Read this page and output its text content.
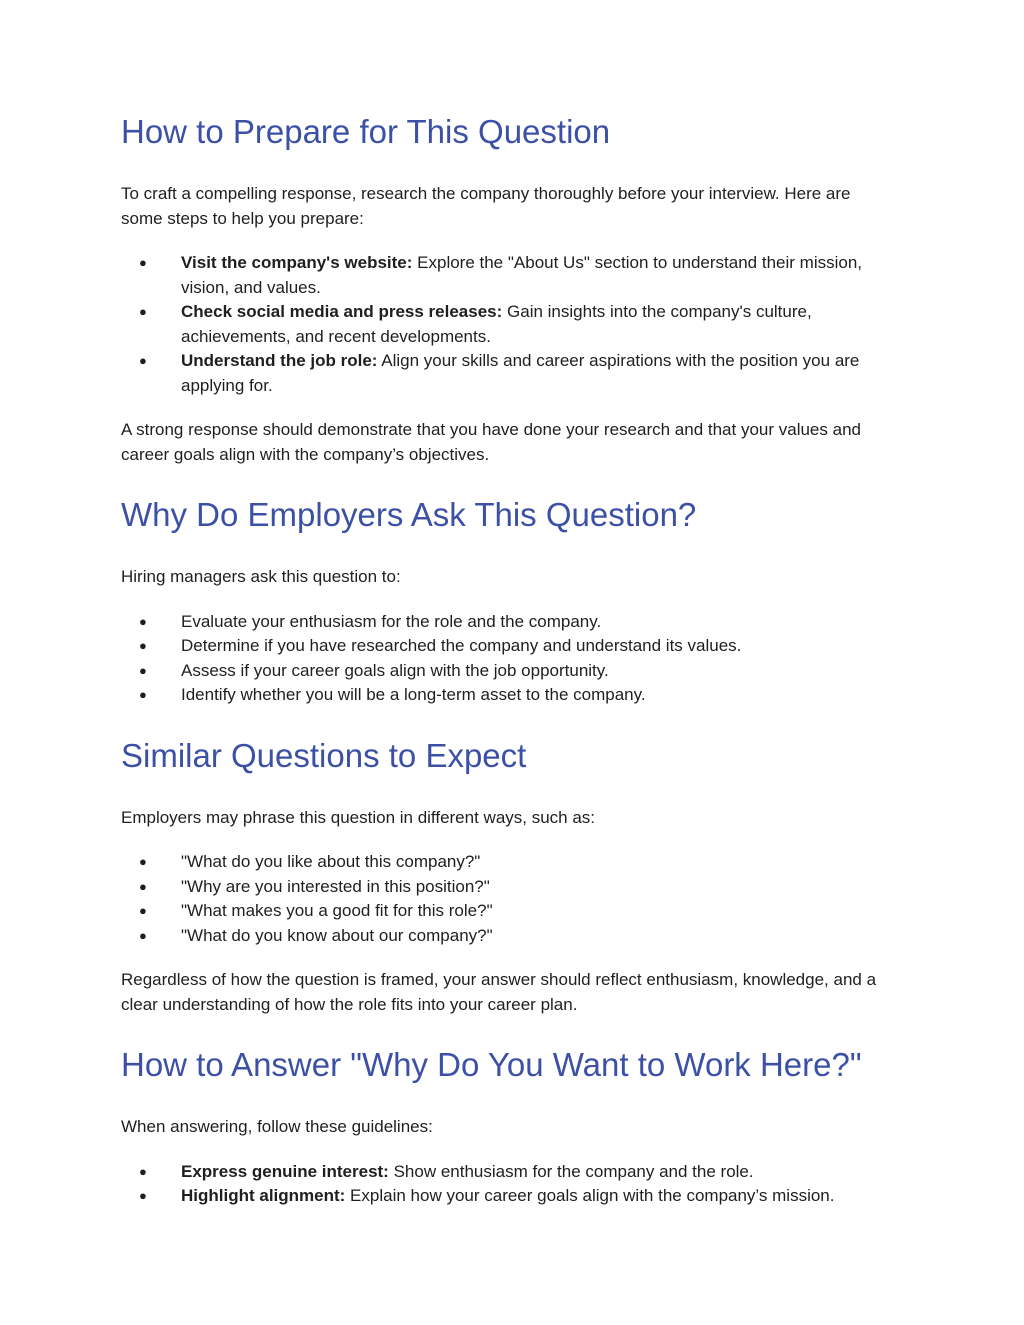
How to Prepare for This Question

To craft a compelling response, research the company thoroughly before your interview. Here are some steps to help you prepare:

● Visit the company's website: Explore the "About Us" section to understand their mission, vision, and values.
● Check social media and press releases: Gain insights into the company's culture, achievements, and recent developments.
● Understand the job role: Align your skills and career aspirations with the position you are applying for.

A strong response should demonstrate that you have done your research and that your values and career goals align with the company’s objectives.

Why Do Employers Ask This Question?

Hiring managers ask this question to:

● Evaluate your enthusiasm for the role and the company.
● Determine if you have researched the company and understand its values.
● Assess if your career goals align with the job opportunity.
● Identify whether you will be a long-term asset to the company.
Similar Questions to Expect

Employers may phrase this question in different ways, such as:

● "What do you like about this company?"
● "Why are you interested in this position?"
● "What makes you a good fit for this role?"
● "What do you know about our company?"

Regardless of how the question is framed, your answer should reflect enthusiasm, knowledge, and a clear understanding of how the role fits into your career plan.

How to Answer "Why Do You Want to Work Here?"

When answering, follow these guidelines:

● Express genuine interest: Show enthusiasm for the company and the role.
● Highlight alignment: Explain how your career goals align with the company’s mission.
